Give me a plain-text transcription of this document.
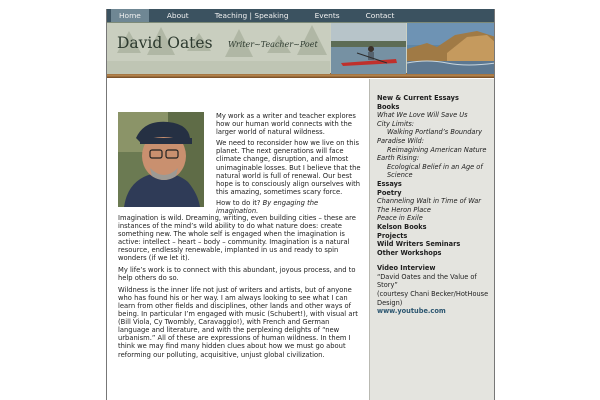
Home	About	Teaching | Speaking	Events	Contact
David Oates Writer~Teacher~Poet

My work as a writer and teacher explores how our human world connects with the larger world of natural wildness.

We need to reconsider how we live on this planet. The next generations will face climate change, disruption, and almost unimaginable losses. But I believe that the natural world is full of renewal. Our best hope is to consciously align ourselves with this amazing, sometimes scary force.

How to do it? By engaging the imagination.

Imagination is wild. Dreaming, writing, even building cities – these are instances of the mind’s wild ability to do what nature does: create something new. The whole self is engaged when the imagination is active: intellect – heart – body – community. Imagination is a natural resource, endlessly renewable, implanted in us and ready to spin wonders (if we let it).

My life’s work is to connect with this abundant, joyous process, and to help others do so.

Wildness is the inner life not just of writers and artists, but of anyone who has found his or her way. I am always looking to see what I can learn from other fields and disciplines, other lands and other ways of being. In particular I’m engaged with music (Schubert!), with visual art (Bill Viola, Cy Twombly, Caravaggio!), with French and German language and literature, and with the perplexing delights of “new urbanism.” All of these are expressions of human wildness. In them I think we may find many hidden clues about how we must go about reforming our polluting, acquisitive, unjust global civilization.

New & Current Essays
Books
What We Love Will Save Us
City Limits:
Walking Portland’s Boundary
Paradise Wild:
Reimagining American Nature
Earth Rising:
Ecological Belief in an Age of Science
Essays
Poetry
Channeling Walt in Time of War
The Heron Place
Peace in Exile
Kelson Books
Projects
Wild Writers Seminars
Other Workshops
Video Interview
“David Oates and the Value of Story”
(courtesy Chani Becker/HotHouse Design)
www.youtube.com
